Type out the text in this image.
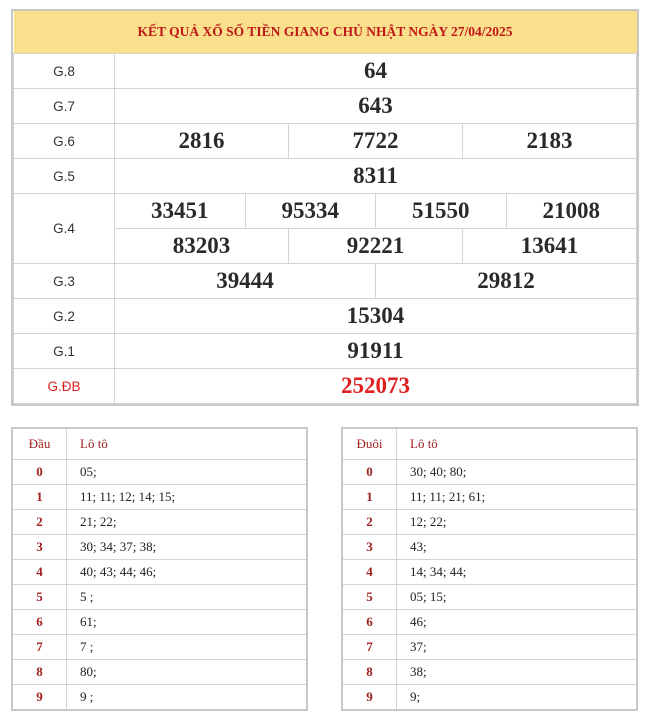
KẾT QUẢ XỔ SỐ TIỀN GIANG CHỦ NHẬT NGÀY 27/04/2025						
G.8	64					
G.7	643					
G.6	2816		7722		2183	
G.5	8311					
G.4	33451	95334		51550		21008
	83203		92221		13641	
G.3	39444			29812		
G.2	15304					
G.1	91911					
G.ĐB	252073					
Đầu	Lô tô
0	05;
1	11; 11; 12; 14; 15;
2	21; 22;
3	30; 34; 37; 38;
4	40; 43; 44; 46;
5	5 ;
6	61;
7	7 ;
8	80;
9	9 ;
Đuôi	Lô tô
0	30; 40; 80;
1	11; 11; 21; 61;
2	12; 22;
3	43;
4	14; 34; 44;
5	05; 15;
6	46;
7	37;
8	38;
9	9;
